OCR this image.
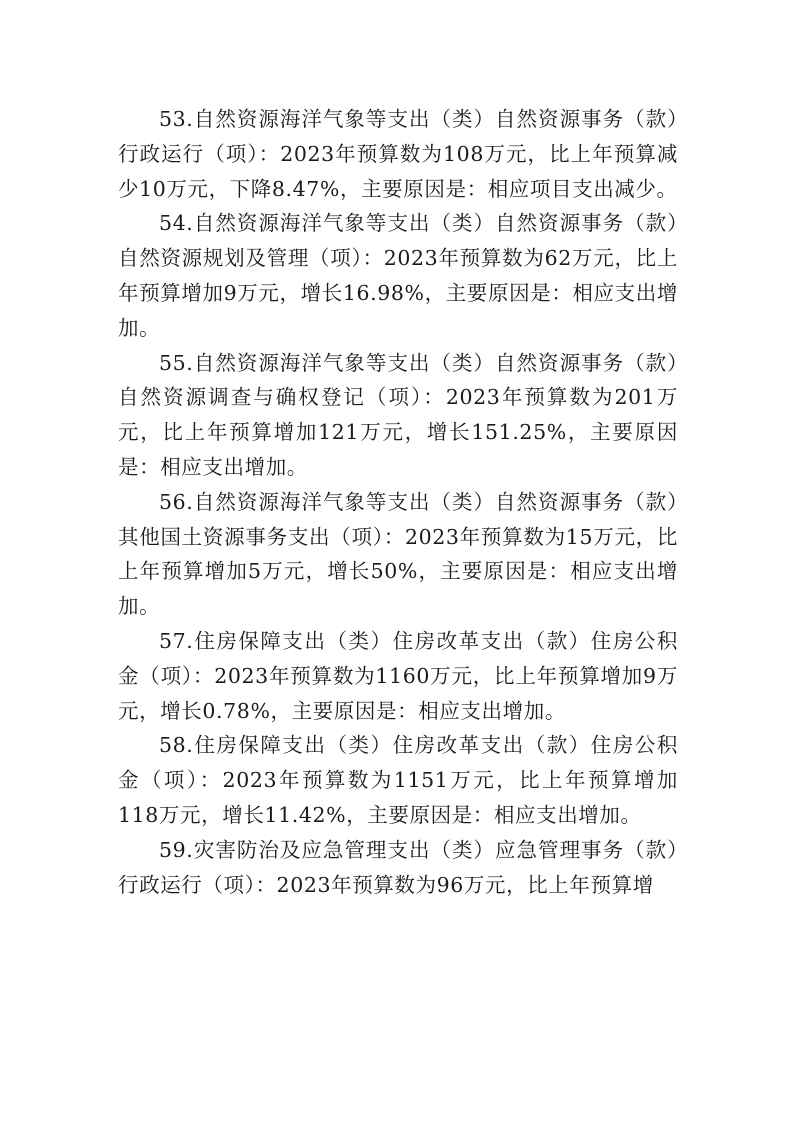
53.自然资源海洋气象等支出（类）自然资源事务（款）行政运行（项）：2023年预算数为108万元，比上年预算减少10万元，下降8.47%，主要原因是：相应项目支出减少。

54.自然资源海洋气象等支出（类）自然资源事务（款）自然资源规划及管理（项）：2023年预算数为62万元，比上年预算增加9万元，增长16.98%，主要原因是：相应支出增加。

55.自然资源海洋气象等支出（类）自然资源事务（款）自然资源调查与确权登记（项）：2023年预算数为201万元，比上年预算增加121万元，增长151.25%，主要原因是：相应支出增加。

56.自然资源海洋气象等支出（类）自然资源事务（款）其他国土资源事务支出（项）：2023年预算数为15万元，比上年预算增加5万元，增长50%，主要原因是：相应支出增加。

57.住房保障支出（类）住房改革支出（款）住房公积金（项）：2023年预算数为1160万元，比上年预算增加9万元，增长0.78%，主要原因是：相应支出增加。

58.住房保障支出（类）住房改革支出（款）住房公积金（项）：2023年预算数为1151万元，比上年预算增加118万元，增长11.42%，主要原因是：相应支出增加。

59.灾害防治及应急管理支出（类）应急管理事务（款）行政运行（项）：2023年预算数为96万元，比上年预算增
